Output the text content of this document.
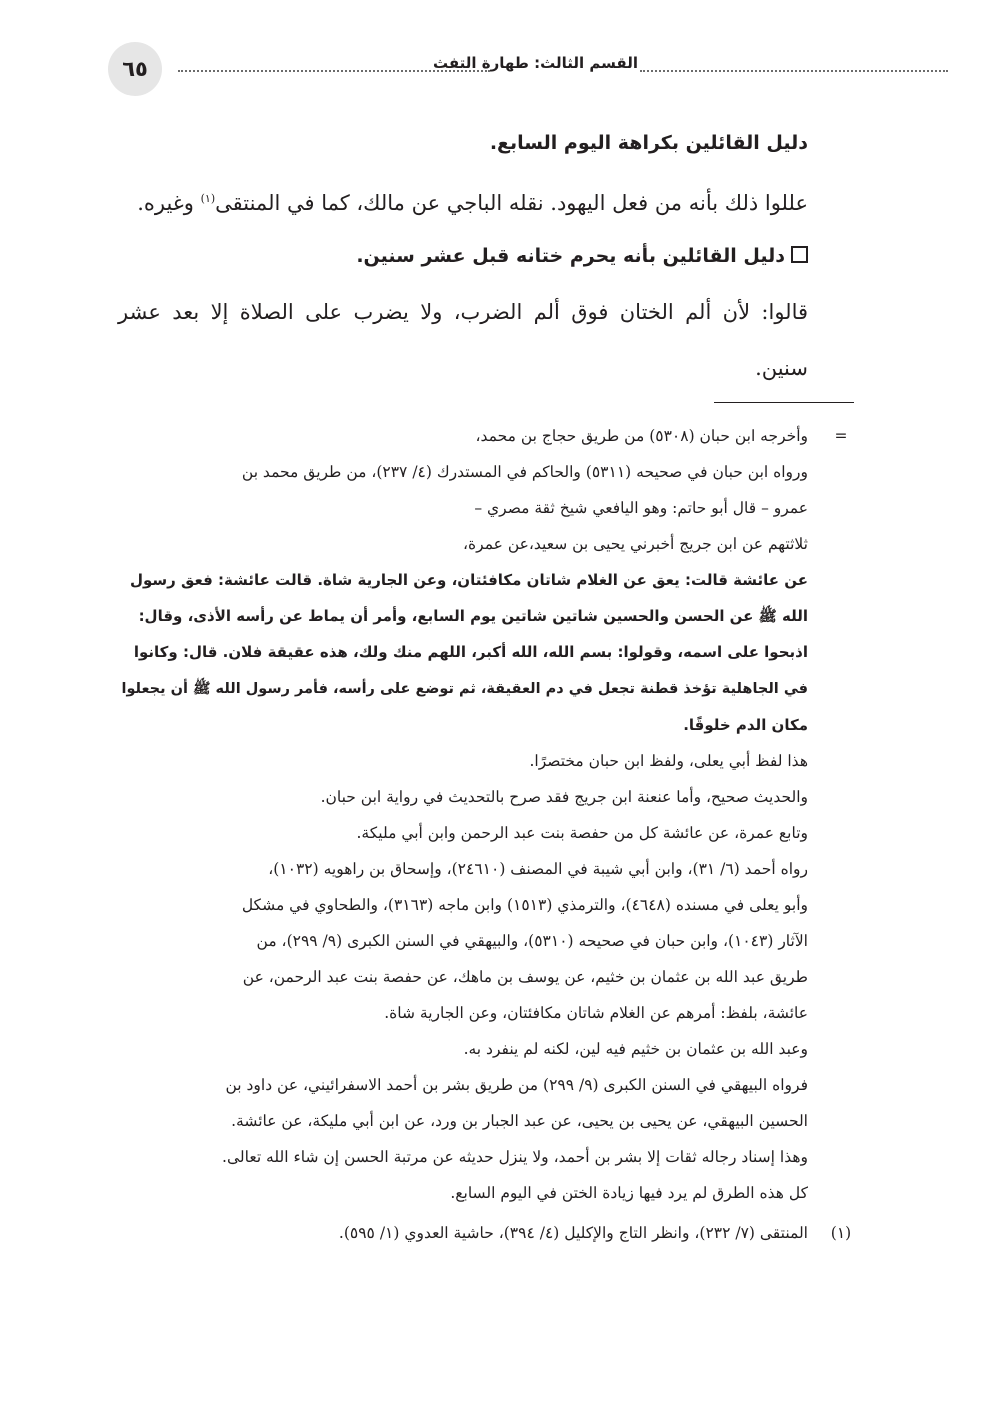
٦٥	القسم الثالث: طهارة التفث

دليل القائلين بكراهة اليوم السابع.

عللوا ذلك بأنه من فعل اليهود. نقله الباجي عن مالك، كما في المنتقى$^{(١)}$ وغيره.

دليل القائلين بأنه يحرم ختانه قبل عشر سنين.

قالوا: لأن ألم الختان فوق ألم الضرب، ولا يضرب على الصلاة إلا بعد عشر

سنين.

=
وأخرجه ابن حبان (٥٣٠٨) من طريق حجاج بن محمد،

ورواه ابن حبان في صحيحه (٥٣١١) والحاكم في المستدرك (٤/ ٢٣٧)، من طريق محمد بن

عمرو – قال أبو حاتم: وهو اليافعي شيخ ثقة مصري –

ثلاثتهم عن ابن جريج أخبرني يحيى بن سعيد،عن عمرة،

عن عائشة قالت: يعق عن الغلام شاتان مكافئتان، وعن الجارية شاة. قالت عائشة: فعق رسول

الله ﷺ عن الحسن والحسين شاتين شاتين يوم السابع، وأمر أن يماط عن رأسه الأذى، وقال:

اذبحوا على اسمه، وقولوا: بسم الله، الله أكبر، اللهم منك ولك، هذه عقيقة فلان. قال: وكانوا

في الجاهلية تؤخذ قطنة تجعل في دم العقيقة، ثم توضع على رأسه، فأمر رسول الله ﷺ أن يجعلوا

مكان الدم خلوقًا.

هذا لفظ أبي يعلى، ولفظ ابن حبان مختصرًا.

والحديث صحيح، وأما عنعنة ابن جريج فقد صرح بالتحديث في رواية ابن حبان.

وتابع عمرة، عن عائشة كل من حفصة بنت عبد الرحمن وابن أبي مليكة.

رواه أحمد (٦/ ٣١)، وابن أبي شيبة في المصنف (٢٤٦١٠)، وإسحاق بن راهويه (١٠٣٢)،

وأبو يعلى في مسنده (٤٦٤٨)، والترمذي (١٥١٣) وابن ماجه (٣١٦٣)، والطحاوي في مشكل

الآثار (١٠٤٣)، وابن حبان في صحيحه (٥٣١٠)، والبيهقي في السنن الكبرى (٩/ ٢٩٩)، من

طريق عبد الله بن عثمان بن خثيم، عن يوسف بن ماهك، عن حفصة بنت عبد الرحمن، عن

عائشة، بلفظ: أمرهم عن الغلام شاتان مكافئتان، وعن الجارية شاة.

وعبد الله بن عثمان بن خثيم فيه لين، لكنه لم ينفرد به.

فرواه البيهقي في السنن الكبرى (٩/ ٢٩٩) من طريق بشر بن أحمد الاسفرائيني، عن داود بن

الحسين البيهقي، عن يحيى بن يحيى، عن عبد الجبار بن ورد، عن ابن أبي مليكة، عن عائشة.

وهذا إسناد رجاله ثقات إلا بشر بن أحمد، ولا ينزل حديثه عن مرتبة الحسن إن شاء الله تعالى.

كل هذه الطرق لم يرد فيها زيادة الختن في اليوم السابع.

(١)
المنتقى (٧/ ٢٣٢)، وانظر التاج والإكليل (٤/ ٣٩٤)، حاشية العدوي (١/ ٥٩٥).
